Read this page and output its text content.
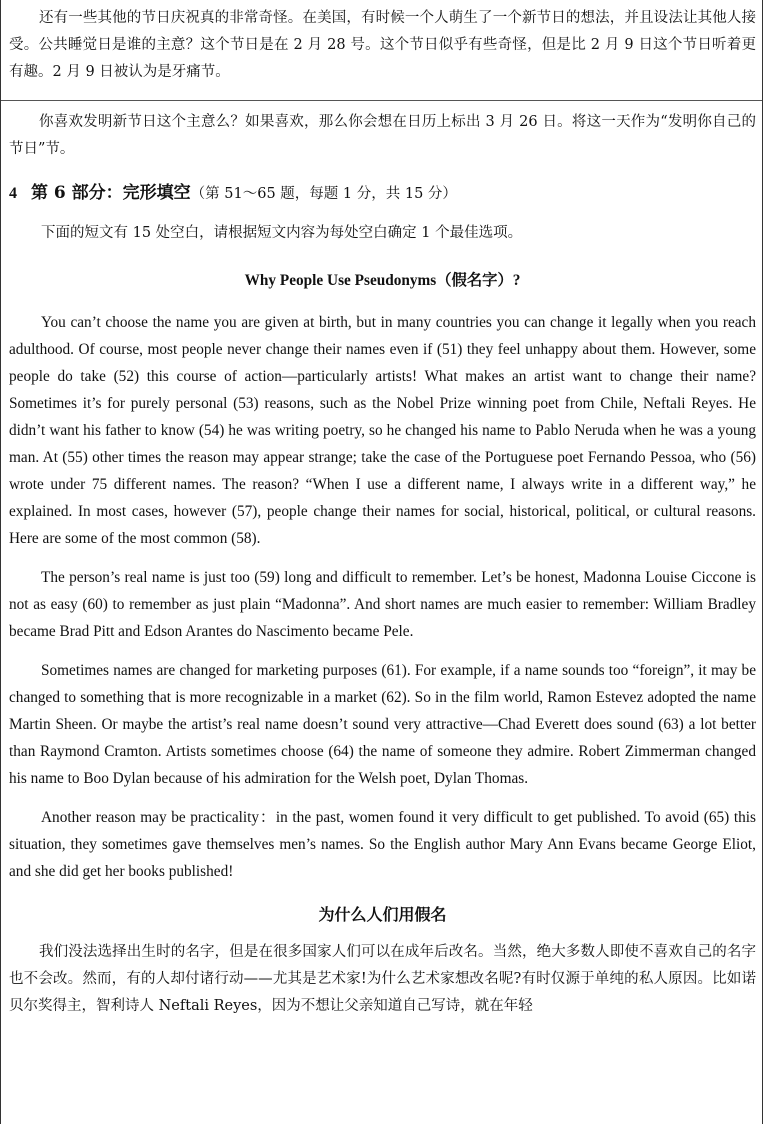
还有一些其他的节日庆祝真的非常奇怪。在美国，有时候一个人萌生了一个新节日的想法，并且设法让其他人接受。公共睡觉日是谁的主意？这个节日是在 2 月 28 号。这个节日似乎有些奇怪，但是比 2 月 9 日这个节日听着更有趣。2 月 9 日被认为是牙痛节。

你喜欢发明新节日这个主意么？如果喜欢，那么你会想在日历上标出 3 月 26 日。将这一天作为“发明你自己的节日”节。

4 第 6 部分：完形填空（第 51～65 题，每题 1 分，共 15 分）

下面的短文有 15 处空白，请根据短文内容为每处空白确定 1 个最佳选项。

Why People Use Pseudonyms（假名字）?

You can’t choose the name you are given at birth, but in many countries you can change it legally when you reach adulthood. Of course, most people never change their names even if (51) they feel unhappy about them. However, some people do take (52) this course of action—particularly artists! What makes an artist want to change their name? Sometimes it’s for purely personal (53) reasons, such as the Nobel Prize winning poet from Chile, Neftali Reyes. He didn’t want his father to know (54) he was writing poetry, so he changed his name to Pablo Neruda when he was a young man. At (55) other times the reason may appear strange; take the case of the Portuguese poet Fernando Pessoa, who (56) wrote under 75 different names. The reason? “When I use a different name, I always write in a different way,” he explained. In most cases, however (57), people change their names for social, historical, political, or cultural reasons. Here are some of the most common (58).

The person’s real name is just too (59) long and difficult to remember. Let’s be honest, Madonna Louise Ciccone is not as easy (60) to remember as just plain “Madonna”. And short names are much easier to remember: William Bradley became Brad Pitt and Edson Arantes do Nascimento became Pele.

Sometimes names are changed for marketing purposes (61). For example, if a name sounds too “foreign”, it may be changed to something that is more recognizable in a market (62). So in the film world, Ramon Estevez adopted the name Martin Sheen. Or maybe the artist’s real name doesn’t sound very attractive—Chad Everett does sound (63) a lot better than Raymond Cramton. Artists sometimes choose (64) the name of someone they admire. Robert Zimmerman changed his name to Boo Dylan because of his admiration for the Welsh poet, Dylan Thomas.

Another reason may be practicality：in the past, women found it very difficult to get published. To avoid (65) this situation, they sometimes gave themselves men’s names. So the English author Mary Ann Evans became George Eliot, and she did get her books published!

为什么人们用假名

我们没法选择出生时的名字，但是在很多国家人们可以在成年后改名。当然，绝大多数人即使不喜欢自己的名字也不会改。然而，有的人却付诸行动——尤其是艺术家!为什么艺术家想改名呢?有时仅源于单纯的私人原因。比如诺贝尔奖得主，智利诗人 Neftali Reyes，因为不想让父亲知道自己写诗，就在年轻
